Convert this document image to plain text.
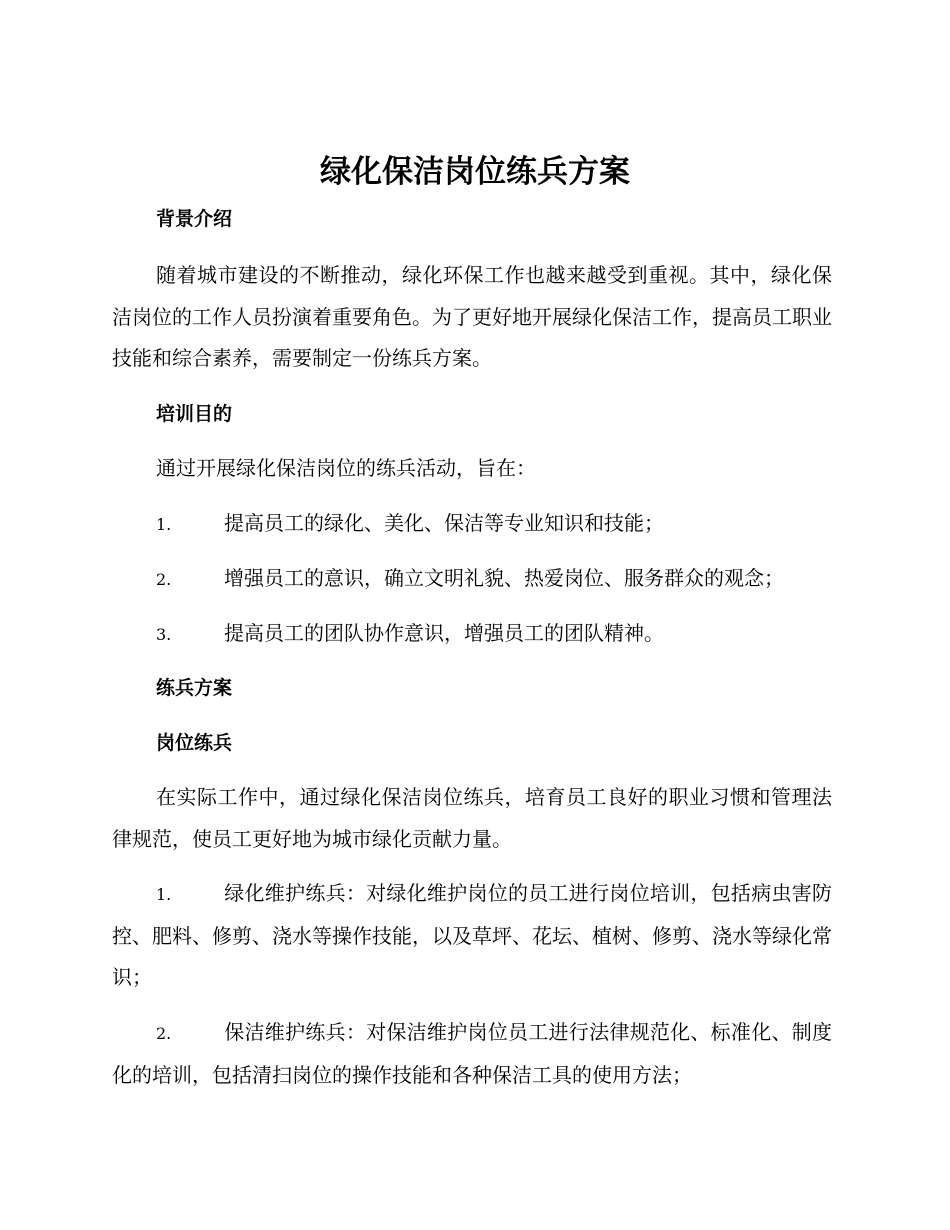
绿化保洁岗位练兵方案
背景介绍

随着城市建设的不断推动，绿化环保工作也越来越受到重视。其中，绿化保洁岗位的工作人员扮演着重要角色。为了更好地开展绿化保洁工作，提高员工职业技能和综合素养，需要制定一份练兵方案。

培训目的

通过开展绿化保洁岗位的练兵活动，旨在：

1.	提高员工的绿化、美化、保洁等专业知识和技能；
2.	增强员工的意识，确立文明礼貌、热爱岗位、服务群众的观念；
3.	提高员工的团队协作意识，增强员工的团队精神。
练兵方案
岗位练兵

在实际工作中，通过绿化保洁岗位练兵，培育员工良好的职业习惯和管理法律规范，使员工更好地为城市绿化贡献力量。

1.	绿化维护练兵：对绿化维护岗位的员工进行岗位培训，包括病虫害防控、肥料、修剪、浇水等操作技能，以及草坪、花坛、植树、修剪、浇水等绿化常识；

2.	保洁维护练兵：对保洁维护岗位员工进行法律规范化、标准化、制度化的培训，包括清扫岗位的操作技能和各种保洁工具的使用方法；
